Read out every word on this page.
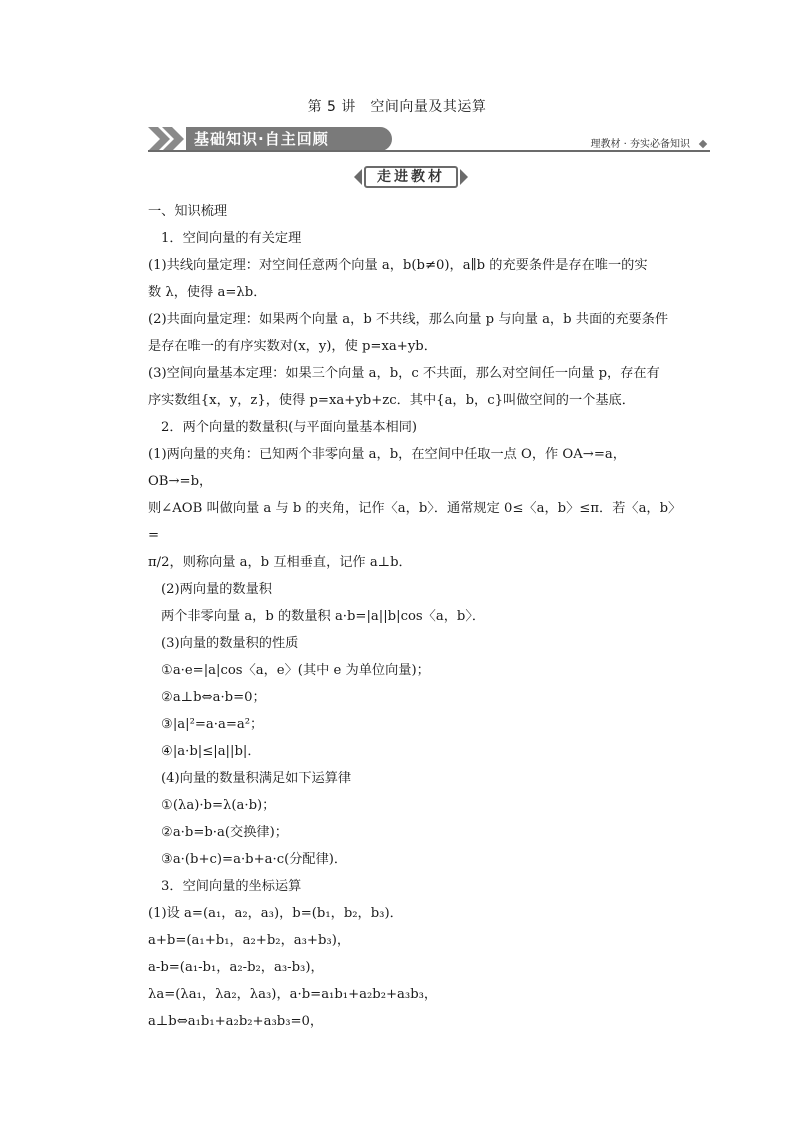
第 5 讲　空间向量及其运算
基础知识·自主回顾	理教材 · 夯实必备知识
走进教材

一、知识梳理

1．空间向量的有关定理

(1)共线向量定理：对空间任意两个向量 a，b(b≠0)，a∥b 的充要条件是存在唯一的实

数 λ，使得 a=λb．

(2)共面向量定理：如果两个向量 a，b 不共线，那么向量 p 与向量 a，b 共面的充要条件

是存在唯一的有序实数对(x，y)，使 p=xa+yb．

(3)空间向量基本定理：如果三个向量 a，b，c 不共面，那么对空间任一向量 p，存在有

序实数组{x，y，z}，使得 p=xa+yb+zc．其中{a，b，c}叫做空间的一个基底．

2．两个向量的数量积(与平面向量基本相同)

(1)两向量的夹角：已知两个非零向量 a，b，在空间中任取一点 O，作 OA→=a，OB→=b，

则∠AOB 叫做向量 a 与 b 的夹角，记作〈a，b〉．通常规定 0≤〈a，b〉≤π．若〈a，b〉=

π/2，则称向量 a，b 互相垂直，记作 a⊥b．

(2)两向量的数量积

两个非零向量 a，b 的数量积 a·b=|a||b|cos〈a，b〉．

(3)向量的数量积的性质

①a·e=|a|cos〈a，e〉(其中 e 为单位向量)；

②a⊥b⇔a·b=0；

③|a|²=a·a=a²；

④|a·b|≤|a||b|．

(4)向量的数量积满足如下运算律

①(λa)·b=λ(a·b)；

②a·b=b·a(交换律)；

③a·(b+c)=a·b+a·c(分配律)．

3．空间向量的坐标运算

(1)设 a=(a₁，a₂，a₃)，b=(b₁，b₂，b₃)．

a+b=(a₁+b₁，a₂+b₂，a₃+b₃)，

a-b=(a₁-b₁，a₂-b₂，a₃-b₃)，

λa=(λa₁，λa₂，λa₃)，a·b=a₁b₁+a₂b₂+a₃b₃，

a⊥b⇔a₁b₁+a₂b₂+a₃b₃=0，
